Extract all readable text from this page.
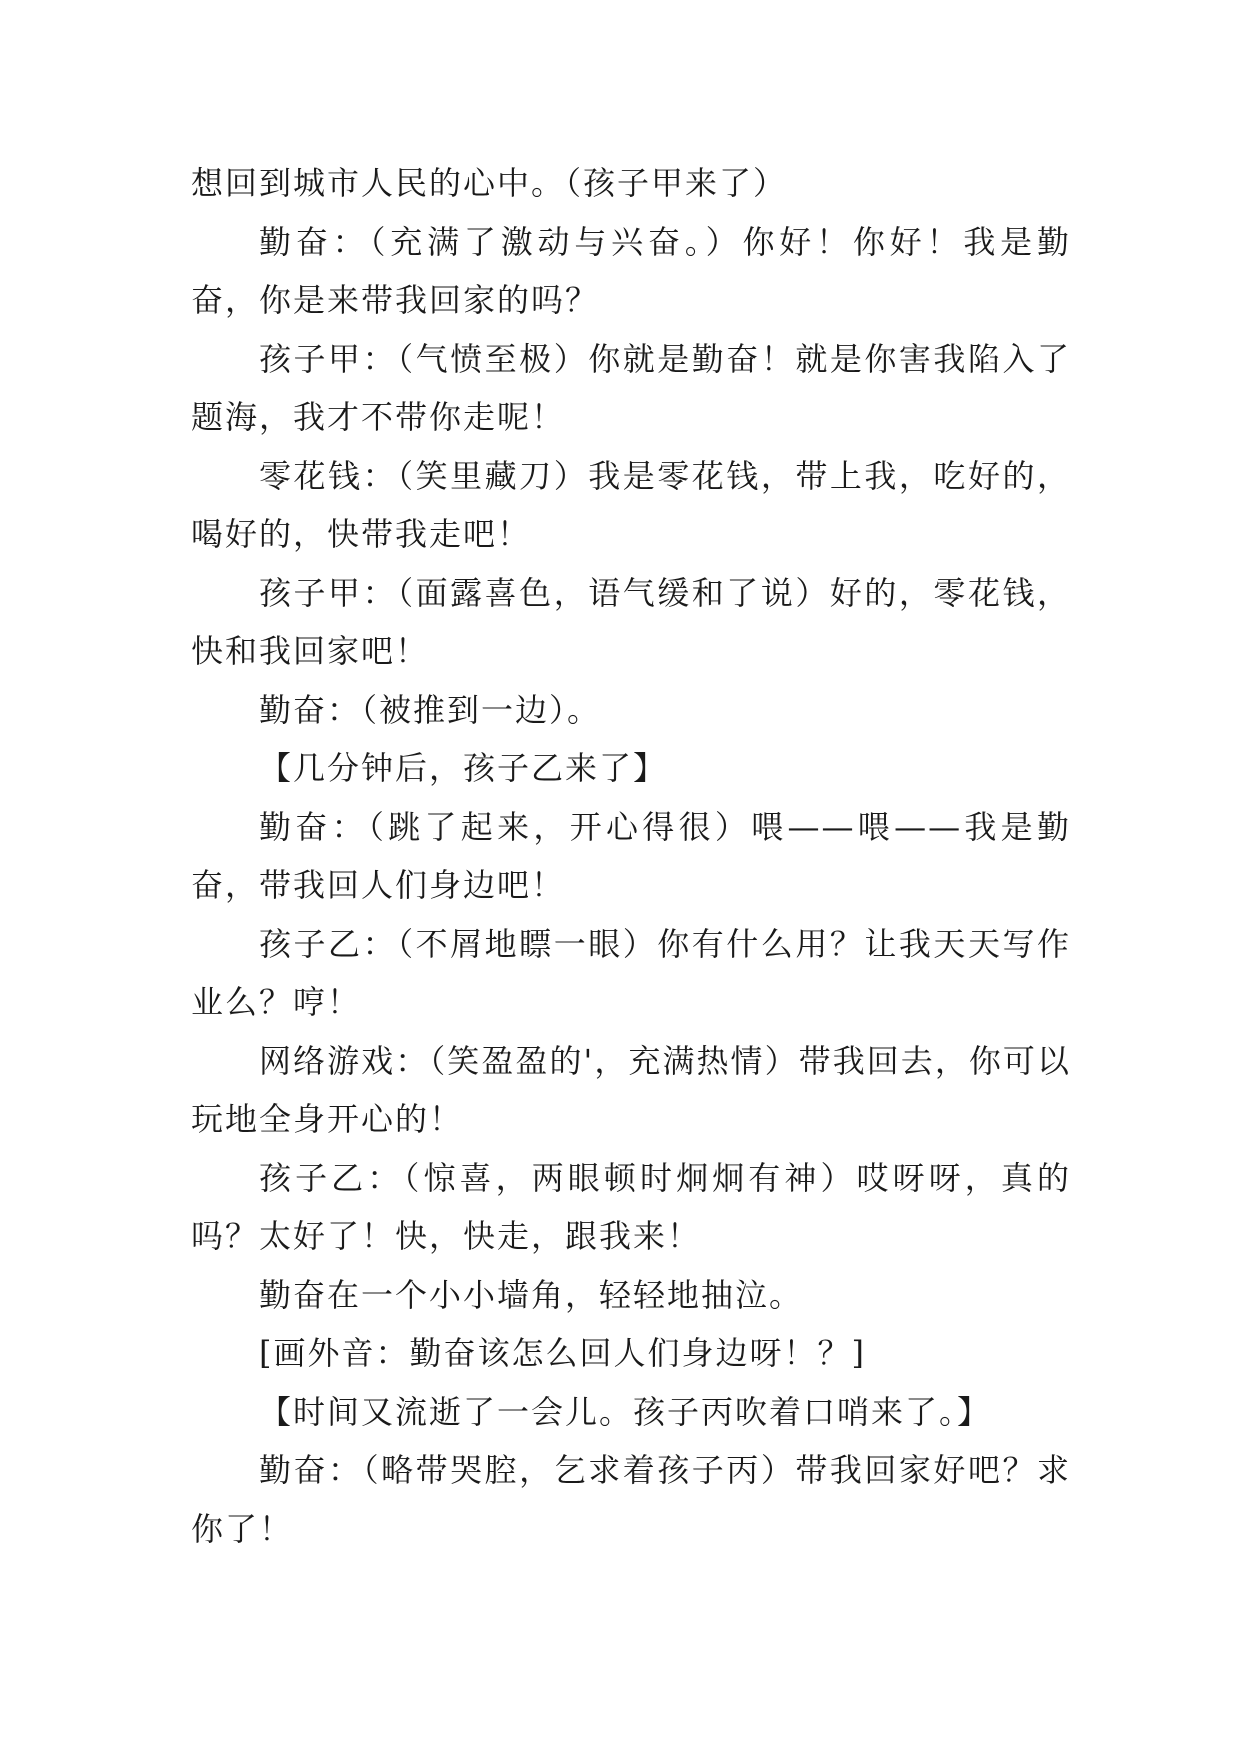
想回到城市人民的心中。（孩子甲来了）

勤奋：（充满了激动与兴奋。）你好！你好！我是勤奋，你是来带我回家的吗？

孩子甲：（气愤至极）你就是勤奋！就是你害我陷入了题海，我才不带你走呢！

零花钱：（笑里藏刀）我是零花钱，带上我，吃好的，喝好的，快带我走吧！

孩子甲：（面露喜色，语气缓和了说）好的，零花钱，快和我回家吧！

勤奋：（被推到一边）。

【几分钟后，孩子乙来了】

勤奋：（跳了起来，开心得很）喂——喂——我是勤奋，带我回人们身边吧！

孩子乙：（不屑地瞟一眼）你有什么用？让我天天写作业么？哼！

网络游戏：（笑盈盈的'，充满热情）带我回去，你可以玩地全身开心的！

孩子乙：（惊喜，两眼顿时炯炯有神）哎呀呀，真的吗？太好了！快，快走，跟我来！

勤奋在一个小小墙角，轻轻地抽泣。

[画外音：勤奋该怎么回人们身边呀！？]

【时间又流逝了一会儿。孩子丙吹着口哨来了。】

勤奋：（略带哭腔，乞求着孩子丙）带我回家好吧？求你了！
